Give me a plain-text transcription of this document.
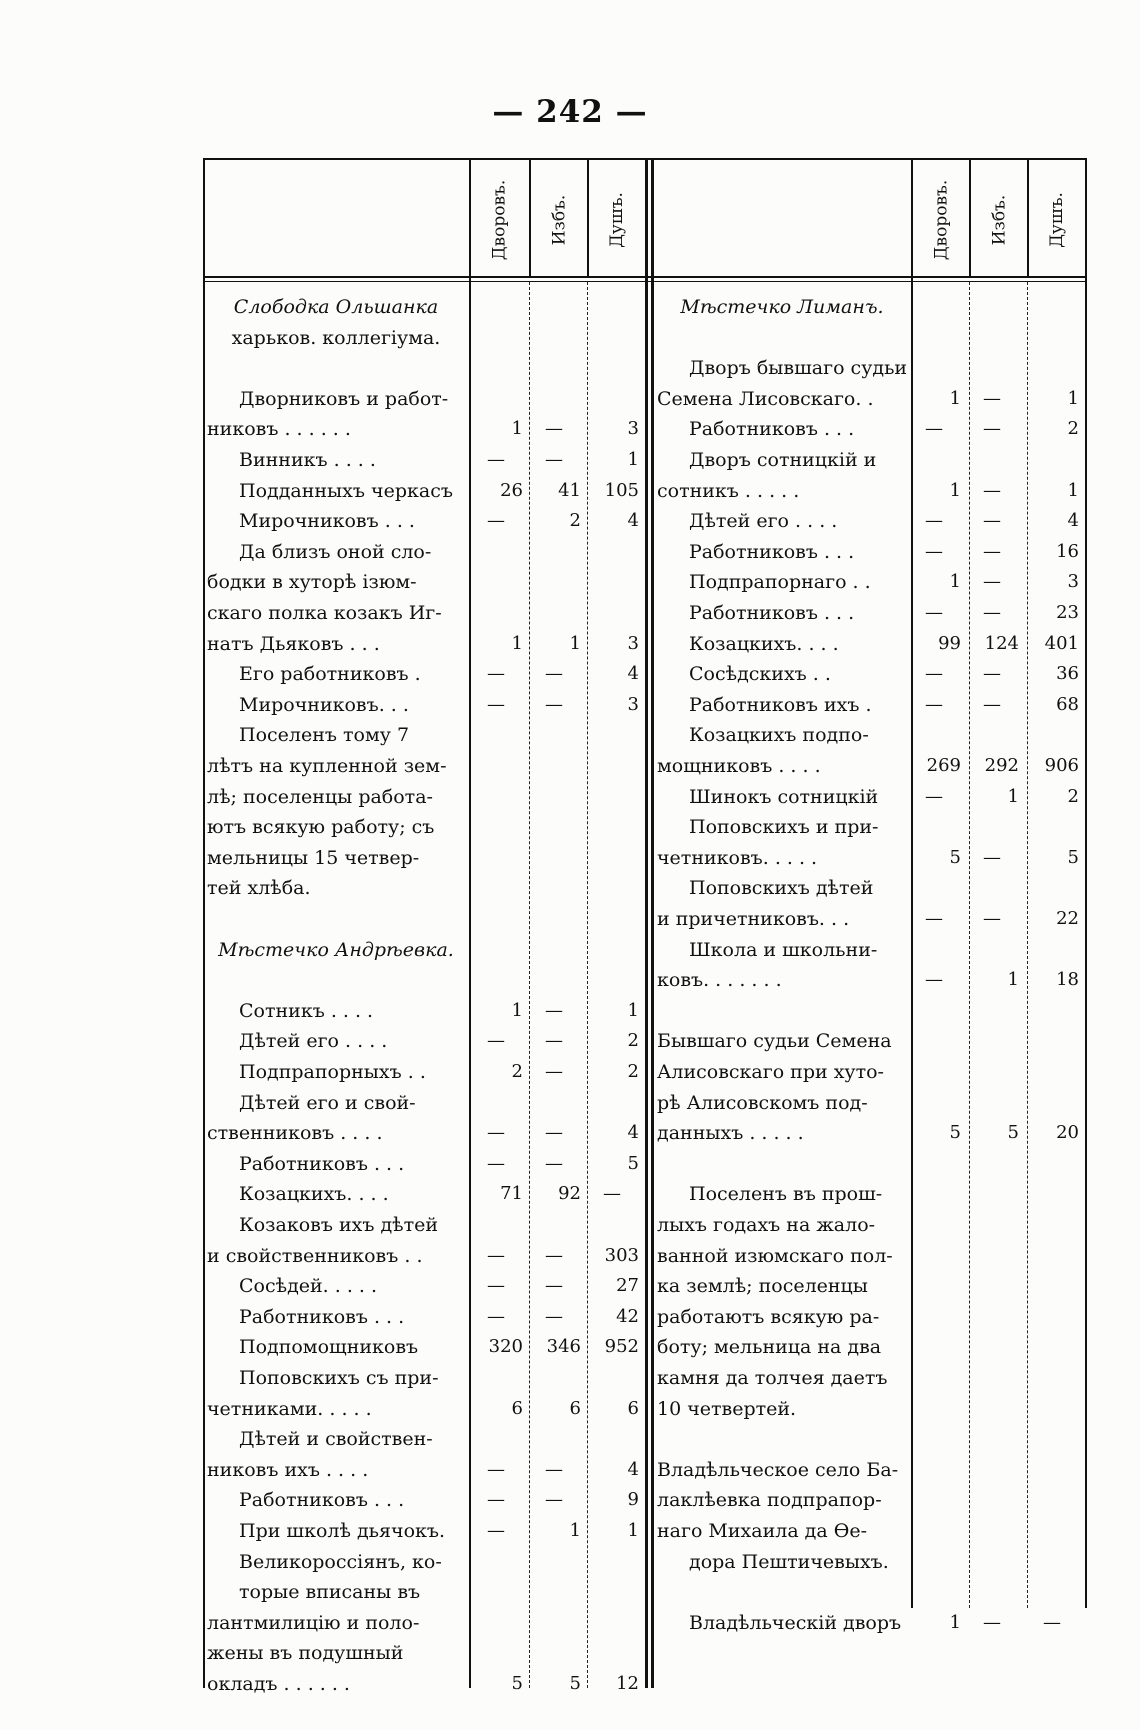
— 242 —
Дворовъ. Избъ. Душъ.	Дворовъ. Избъ. Душъ.
Слободка Ольшанка
харьков. коллегіума.
Дворниковъ и работ-
никовъ . . . . . .	1	—	3
Винникъ . . . .	—	—	1
Подданныхъ черкасъ	26	41	105
Мирочниковъ . . .	—	2	4
Да близъ оной сло-
бодки в хуторѣ ізюм-
скаго полка козакъ Иг-
натъ Дьяковъ . . .	1	1	3
Его работниковъ .	—	—	4
Мирочниковъ. . .	—	—	3
Поселенъ тому 7
лѣтъ на купленной зем-
лѣ; поселенцы работа-
ютъ всякую работу; съ
мельницы 15 четвер-
тей хлѣба.
Мѣстечко Андрѣевка.
Сотникъ . . . .	1	—	1
Дѣтей его . . . .	—	—	2
Подпрапорныхъ . .	2	—	2
Дѣтей его и свой-
ственниковъ . . . .	—	—	4
Работниковъ . . .	—	—	5
Козацкихъ. . . .	71	92	—
Козаковъ ихъ дѣтей
и свойственниковъ . .	—	—	303
Сосѣдей. . . . .	—	—	27
Работниковъ . . .	—	—	42
Подпомощниковъ	320	346	952
Поповскихъ съ при-
четниками. . . . .	6	6	6
Дѣтей и свойствен-
никовъ ихъ . . . .	—	—	4
Работниковъ . . .	—	—	9
При школѣ дьячокъ.	—	1	1
Великороссіянъ, ко-
торые вписаны въ
лантмилицію и поло-
жены въ подушный
окладъ . . . . . .	5	5	12
Мѣстечко Лиманъ.
Дворъ бывшаго судьи
Семена Лисовскаго. .	1	—	1
Работниковъ . . .	—	—	2
Дворъ сотницкій и
сотникъ . . . . .	1	—	1
Дѣтей его . . . .	—	—	4
Работниковъ . . .	—	—	16
Подпрапорнаго . .	1	—	3
Работниковъ . . .	—	—	23
Козацкихъ. . . .	99	124	401
Сосѣдскихъ . .	—	—	36
Работниковъ ихъ .	—	—	68
Козацкихъ подпо-
мощниковъ . . . .	269	292	906
Шинокъ сотницкій	—	1	2
Поповскихъ и при-
четниковъ. . . . .	5	—	5
Поповскихъ дѣтей
и причетниковъ. . .	—	—	22
Школа и школьни-
ковъ. . . . . . .	—	1	18
Бывшаго судьи Семена
Алисовскаго при хуто-
рѣ Алисовскомъ под-
данныхъ . . . . .	5	5	20
Поселенъ въ прош-
лыхъ годахъ на жало-
ванной изюмскаго пол-
ка землѣ; поселенцы
работаютъ всякую ра-
боту; мельница на два
камня да толчея даетъ
10 четвертей.
Владѣльческое село Ба-
лаклѣевка подпрапор-
наго Михаила да Ѳе-
дора Пештичевыхъ.
Владѣльческій дворъ	1	—	—
